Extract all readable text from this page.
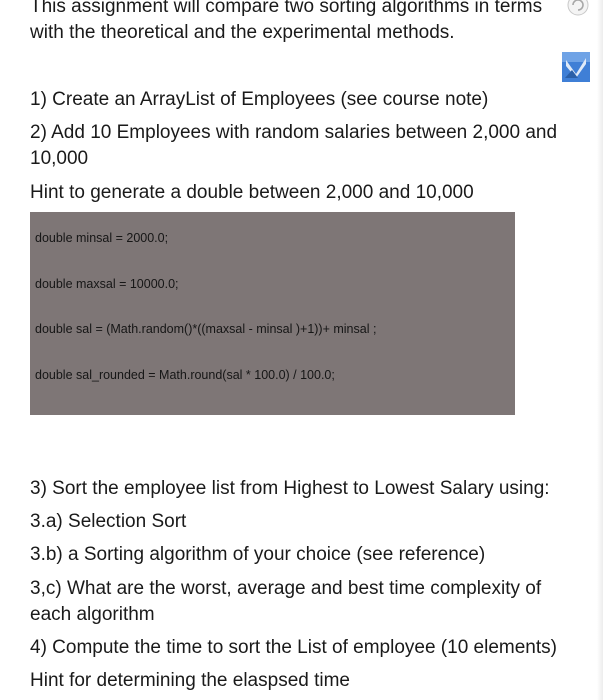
This assignment will compare two sorting algorithms in terms

with the theoretical and the experimental methods.

1) Create an ArrayList of Employees (see course note)

2) Add 10 Employees with random salaries between 2,000 and

10,000

Hint to generate a double between 2,000 and 10,000

double minsal = 2000.0;
double maxsal = 10000.0;
double sal = (Math.random()*((maxsal - minsal )+1))+ minsal ;
double sal_rounded = Math.round(sal * 100.0) / 100.0;

3) Sort the employee list from Highest to Lowest Salary using:

3.a) Selection Sort

3.b) a Sorting algorithm of your choice (see reference)

3,c) What are the worst, average and best time complexity of

each algorithm

4) Compute the time to sort the List of employee (10 elements)

Hint for determining the elaspsed time
